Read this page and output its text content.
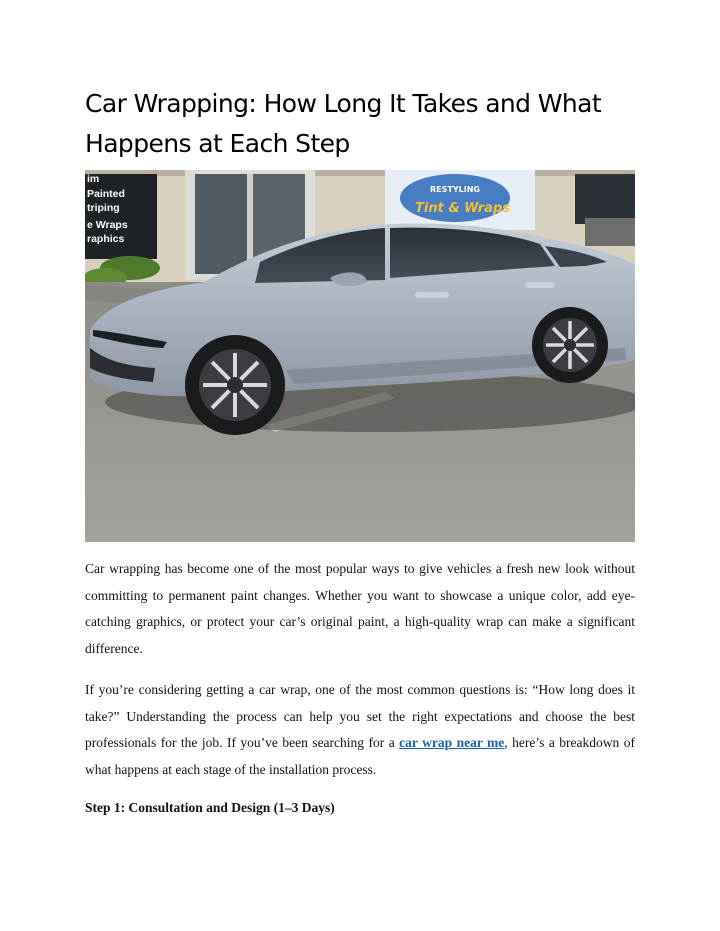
Car Wrapping: How Long It Takes and What Happens at Each Step
im
Painted
triping
e Wraps
raphics
RESTYLING
Tint & Wraps

Car wrapping has become one of the most popular ways to give vehicles a fresh new look without committing to permanent paint changes. Whether you want to showcase a unique color, add eye-catching graphics, or protect your car’s original paint, a high-quality wrap can make a significant difference.

If you’re considering getting a car wrap, one of the most common questions is: “How long does it take?” Understanding the process can help you set the right expectations and choose the best professionals for the job. If you’ve been searching for a car wrap near me, here’s a breakdown of what happens at each stage of the installation process.

Step 1: Consultation and Design (1–3 Days)
